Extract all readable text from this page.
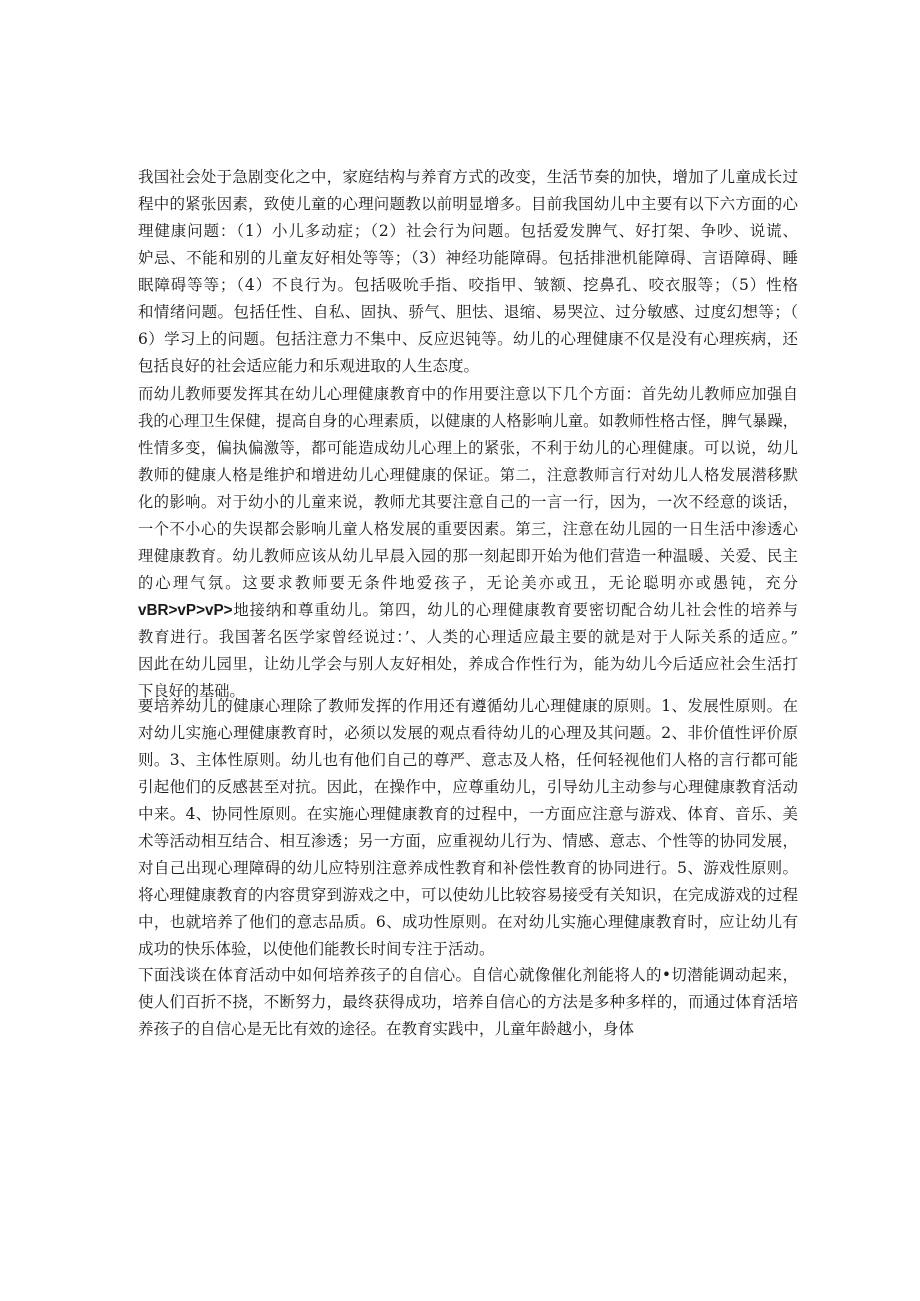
我国社会处于急剧变化之中，家庭结构与养育方式的改变，生活节奏的加快，增加了儿童成长过
程中的紧张因素，致使儿童的心理问题教以前明显增多。目前我国幼儿中主要有以下六方面的心
理健康问题：（1）小儿多动症；（2）社会行为问题。包括爱发脾气、好打架、争吵、说谎、
妒忌、不能和别的儿童友好相处等等；（3）神经功能障碍。包括排泄机能障碍、言语障碍、睡
眠障碍等等；（4）不良行为。包括吸吮手指、咬指甲、皱额、挖鼻孔、咬衣服等；（5）性格
和情绪问题。包括任性、自私、固执、骄气、胆怯、退缩、易哭泣、过分敏感、过度幻想等；（
6）学习上的问题。包括注意力不集中、反应迟钝等。幼儿的心理健康不仅是没有心理疾病，还
包括良好的社会适应能力和乐观进取的人生态度。

而幼儿教师要发挥其在幼儿心理健康教育中的作用要注意以下几个方面：首先幼儿教师应加强自
我的心理卫生保健，提高自身的心理素质，以健康的人格影响儿童。如教师性格古怪，脾气暴躁，
性情多变，偏执偏激等，都可能造成幼儿心理上的紧张，不利于幼儿的心理健康。可以说，幼儿
教师的健康人格是维护和增进幼儿心理健康的保证。第二，注意教师言行对幼儿人格发展潜移默
化的影响。对于幼小的儿童来说，教师尤其要注意自己的一言一行，因为，一次不经意的谈话，
一个不小心的失误都会影响儿童人格发展的重要因素。第三，注意在幼儿园的一日生活中渗透心
理健康教育。幼儿教师应该从幼儿早晨入园的那一刻起即开始为他们营造一种温暖、关爱、民主
的心理气氛。这要求教师要无条件地爱孩子，无论美亦或丑，无论聪明亦或愚钝，充分
vBR>vP>vP>地接纳和尊重幼儿。第四，幼儿的心理健康教育要密切配合幼儿社会性的培养与
教育进行。我国著名医学家曾经说过：’、人类的心理适应最主要的就是对于人际关系的适应。”
因此在幼儿园里，让幼儿学会与别人友好相处，养成合作性行为，能为幼儿今后适应社会生活打
下良好的基础。

要培养幼儿的健康心理除了教师发挥的作用还有遵循幼儿心理健康的原则。1、发展性原则。在
对幼儿实施心理健康教育时，必须以发展的观点看待幼儿的心理及其问题。2、非价值性评价原
则。3、主体性原则。幼儿也有他们自己的尊严、意志及人格，任何轻视他们人格的言行都可能
引起他们的反感甚至对抗。因此，在操作中，应尊重幼儿，引导幼儿主动参与心理健康教育活动
中来。4、协同性原则。在实施心理健康教育的过程中，一方面应注意与游戏、体育、音乐、美
术等活动相互结合、相互渗透；另一方面，应重视幼儿行为、情感、意志、个性等的协同发展，
对自己出现心理障碍的幼儿应特别注意养成性教育和补偿性教育的协同进行。5、游戏性原则。
将心理健康教育的内容贯穿到游戏之中，可以使幼儿比较容易接受有关知识，在完成游戏的过程
中，也就培养了他们的意志品质。6、成功性原则。在对幼儿实施心理健康教育时，应让幼儿有
成功的快乐体验，以使他们能教长时间专注于活动。

下面浅谈在体育活动中如何培养孩子的自信心。自信心就像催化剂能将人的•切潜能调动起来，
使人们百折不挠，不断努力，最终获得成功，培养自信心的方法是多种多样的，而通过体育活培
养孩子的自信心是无比有效的途径。在教育实践中，儿童年龄越小，身体
